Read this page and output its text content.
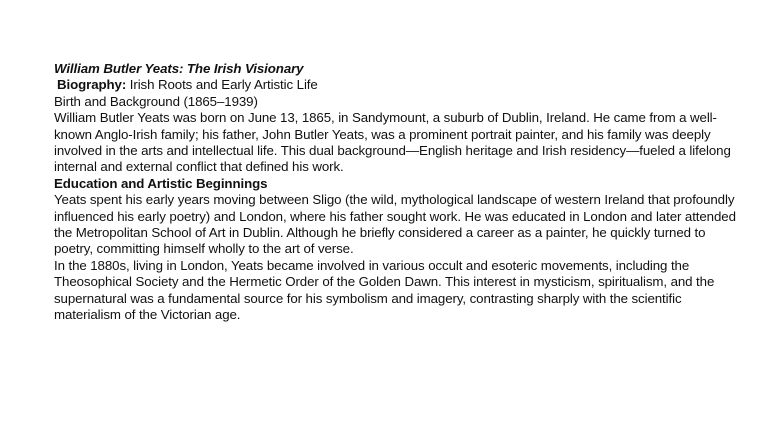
William Butler Yeats: The Irish Visionary

Biography: Irish Roots and Early Artistic Life

Birth and Background (1865–1939)

William Butler Yeats was born on June 13, 1865, in Sandymount, a suburb of Dublin, Ireland. He came from a well-known Anglo-Irish family; his father, John Butler Yeats, was a prominent portrait painter, and his family was deeply involved in the arts and intellectual life. This dual background—English heritage and Irish residency—fueled a lifelong internal and external conflict that defined his work.

Education and Artistic Beginnings

Yeats spent his early years moving between Sligo (the wild, mythological landscape of western Ireland that profoundly influenced his early poetry) and London, where his father sought work. He was educated in London and later attended the Metropolitan School of Art in Dublin. Although he briefly considered a career as a painter, he quickly turned to poetry, committing himself wholly to the art of verse.

In the 1880s, living in London, Yeats became involved in various occult and esoteric movements, including the Theosophical Society and the Hermetic Order of the Golden Dawn. This interest in mysticism, spiritualism, and the supernatural was a fundamental source for his symbolism and imagery, contrasting sharply with the scientific materialism of the Victorian age.
